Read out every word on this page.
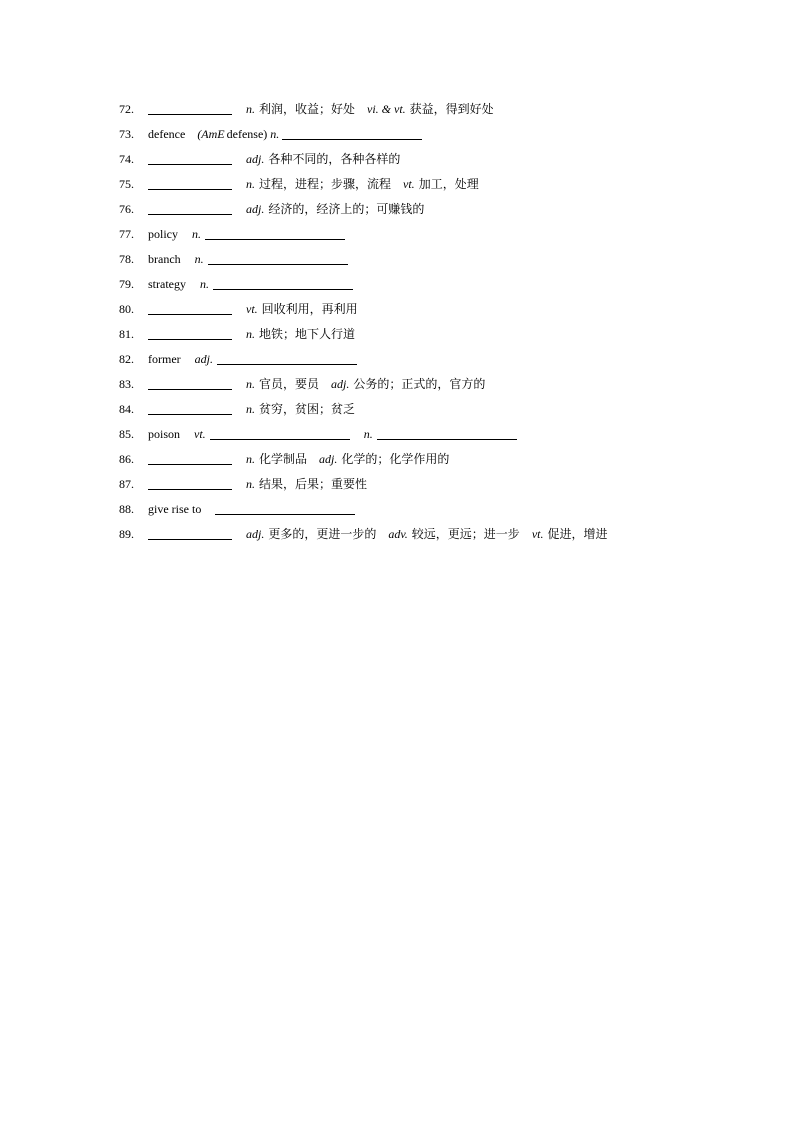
72.	n. 利润，收益；好处 vi. & vt. 获益，得到好处
73.	defence (AmE defense) n.
74.	adj. 各种不同的，各种各样的
75.	n. 过程，进程；步骤，流程 vt. 加工，处理
76.	adj. 经济的，经济上的；可赚钱的
77.	policy n.
78.	branch n.
79.	strategy n.
80.	vt. 回收利用，再利用
81.	n. 地铁；地下人行道
82.	former adj.
83.	n. 官员，要员 adj. 公务的；正式的，官方的
84.	n. 贫穷，贫困；贫乏
85.	poison vt.	n.
86.	n. 化学制品 adj. 化学的；化学作用的
87.	n. 结果，后果；重要性
88.	give rise to
89.	adj. 更多的，更进一步的 adv. 较远，更远；进一步 vt. 促进，增进
